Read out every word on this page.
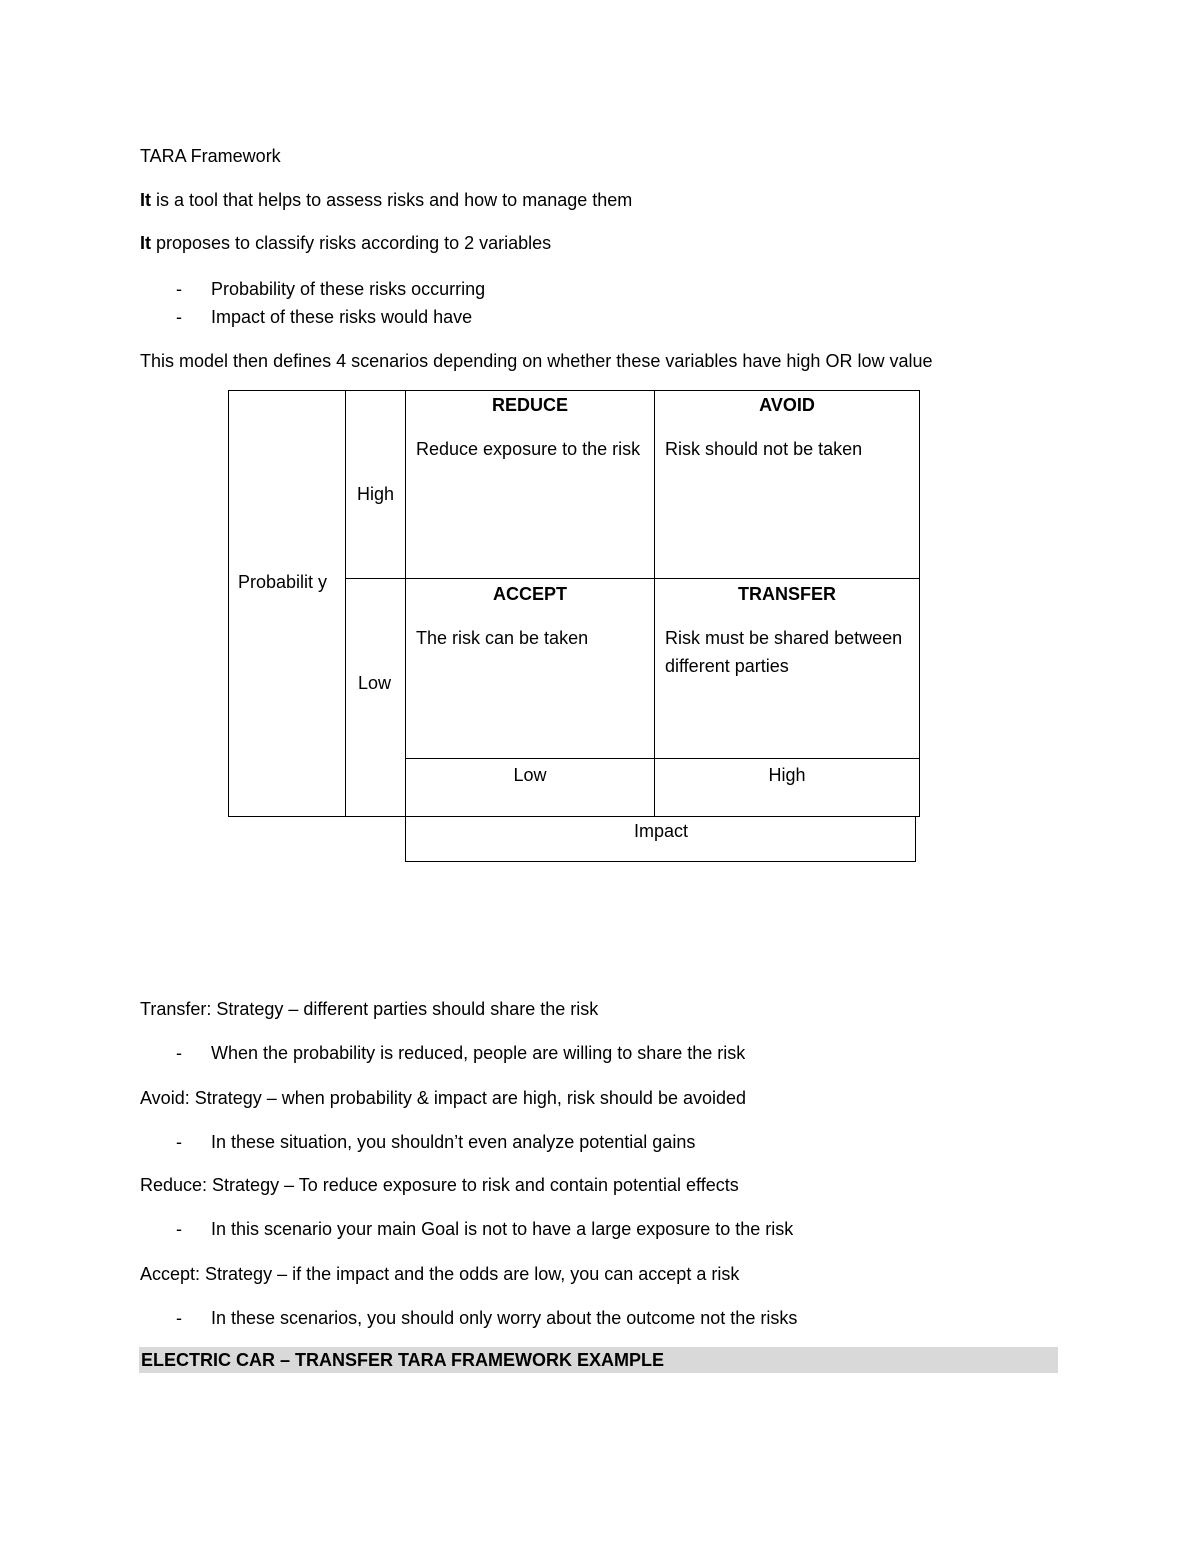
TARA Framework
It is a tool that helps to assess risks and how to manage them
It proposes to classify risks according to 2 variables
- Probability of these risks occurring
- Impact of these risks would have
This model then defines 4 scenarios depending on whether these variables have high OR low value
Probabilit y
High
Low
REDUCE
Reduce exposure to the risk
AVOID
Risk should not be taken
ACCEPT
The risk can be taken
TRANSFER
Risk must be shared between different parties
Low	High
Impact
Transfer: Strategy – different parties should share the risk
- When the probability is reduced, people are willing to share the risk
Avoid: Strategy – when probability & impact are high, risk should be avoided
- In these situation, you shouldn’t even analyze potential gains
Reduce: Strategy – To reduce exposure to risk and contain potential effects
- In this scenario your main Goal is not to have a large exposure to the risk
Accept: Strategy – if the impact and the odds are low, you can accept a risk
- In these scenarios, you should only worry about the outcome not the risks
ELECTRIC CAR – TRANSFER TARA FRAMEWORK EXAMPLE
